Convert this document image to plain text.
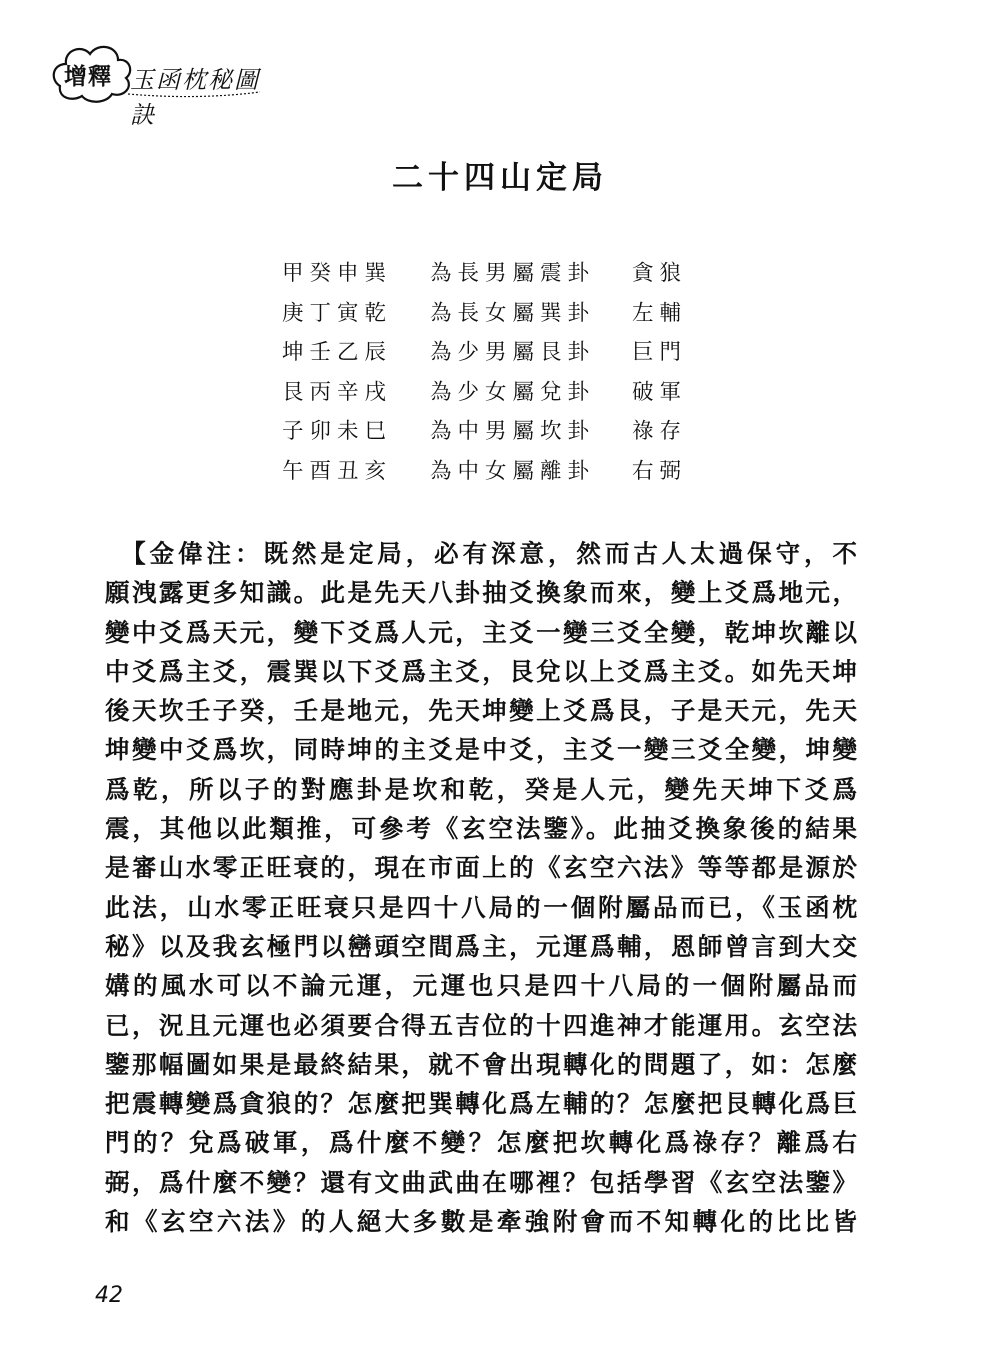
增釋 玉函枕秘圖訣
二十四山定局
甲癸申巽 為長男屬震卦 貪狼
庚丁寅乾 為長女屬巽卦 左輔
坤壬乙辰 為少男屬艮卦 巨門
艮丙辛戌 為少女屬兌卦 破軍
子卯未巳 為中男屬坎卦 祿存
午酉丑亥 為中女屬離卦 右弼
　【金偉注：既然是定局，必有深意，然而古人太過保守，不
願洩露更多知識。此是先天八卦抽爻換象而來，變上爻爲地元，
變中爻爲天元，變下爻爲人元，主爻一變三爻全變，乾坤坎離以
中爻爲主爻，震巽以下爻爲主爻，艮兌以上爻爲主爻。如先天坤
後天坎壬子癸，壬是地元，先天坤變上爻爲艮，子是天元，先天
坤變中爻爲坎，同時坤的主爻是中爻，主爻一變三爻全變，坤變
爲乾，所以子的對應卦是坎和乾，癸是人元，變先天坤下爻爲
震，其他以此類推，可參考《玄空法鑒》。此抽爻換象後的結果
是審山水零正旺衰的，現在市面上的《玄空六法》等等都是源於
此法，山水零正旺衰只是四十八局的一個附屬品而已，《玉函枕
秘》以及我玄極門以巒頭空間爲主，元運爲輔，恩師曾言到大交
媾的風水可以不論元運，元運也只是四十八局的一個附屬品而
已，況且元運也必須要合得五吉位的十四進神才能運用。玄空法
鑒那幅圖如果是最終結果，就不會出現轉化的問題了，如：怎麼
把震轉變爲貪狼的？怎麼把巽轉化爲左輔的？怎麼把艮轉化爲巨
門的？兌爲破軍，爲什麼不變？怎麼把坎轉化爲祿存？離爲右
弼，爲什麼不變？還有文曲武曲在哪裡？包括學習《玄空法鑒》
和《玄空六法》的人絕大多數是牽強附會而不知轉化的比比皆
42
